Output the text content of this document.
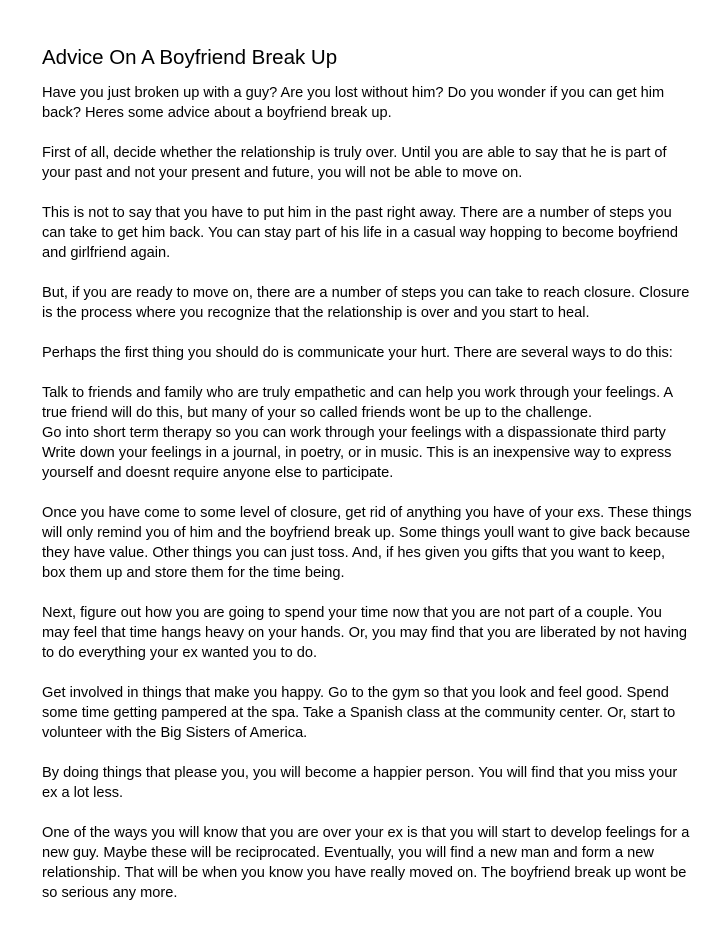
Advice On A Boyfriend Break Up

Have you just broken up with a guy? Are you lost without him? Do you wonder if you can get him
back? Heres some advice about a boyfriend break up.

First of all, decide whether the relationship is truly over. Until you are able to say that he is part of
your past and not your present and future, you will not be able to move on.

This is not to say that you have to put him in the past right away. There are a number of steps you
can take to get him back. You can stay part of his life in a casual way hopping to become boyfriend
and girlfriend again.

But, if you are ready to move on, there are a number of steps you can take to reach closure. Closure
is the process where you recognize that the relationship is over and you start to heal.

Perhaps the first thing you should do is communicate your hurt. There are several ways to do this:

Talk to friends and family who are truly empathetic and can help you work through your feelings. A
true friend will do this, but many of your so called friends wont be up to the challenge.
Go into short term therapy so you can work through your feelings with a dispassionate third party
Write down your feelings in a journal, in poetry, or in music. This is an inexpensive way to express
yourself and doesnt require anyone else to participate.

Once you have come to some level of closure, get rid of anything you have of your exs. These things
will only remind you of him and the boyfriend break up. Some things youll want to give back because
they have value. Other things you can just toss. And, if hes given you gifts that you want to keep,
box them up and store them for the time being.

Next, figure out how you are going to spend your time now that you are not part of a couple. You
may feel that time hangs heavy on your hands. Or, you may find that you are liberated by not having
to do everything your ex wanted you to do.

Get involved in things that make you happy. Go to the gym so that you look and feel good. Spend
some time getting pampered at the spa. Take a Spanish class at the community center. Or, start to
volunteer with the Big Sisters of America.

By doing things that please you, you will become a happier person. You will find that you miss your
ex a lot less.

One of the ways you will know that you are over your ex is that you will start to develop feelings for a
new guy. Maybe these will be reciprocated. Eventually, you will find a new man and form a new
relationship. That will be when you know you have really moved on. The boyfriend break up wont be
so serious any more.
